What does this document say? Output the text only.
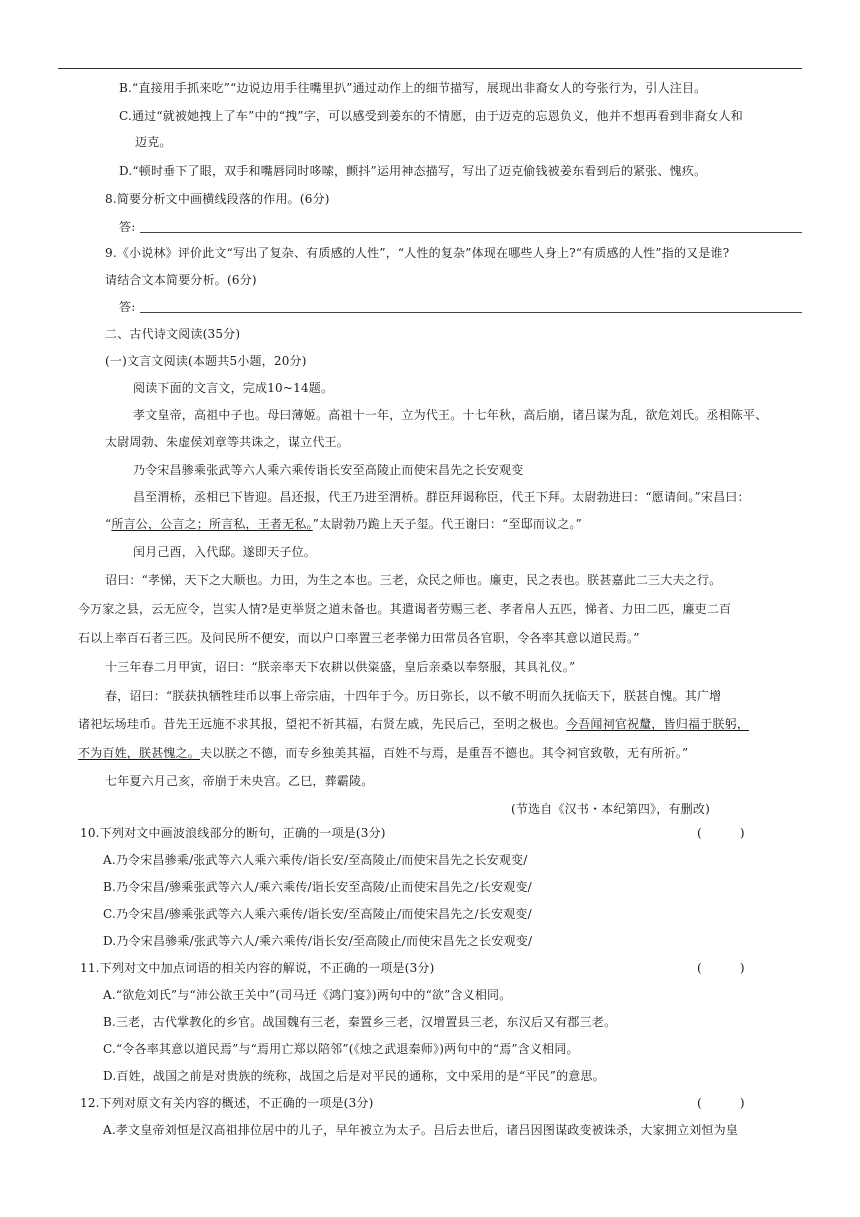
B.“直接用手抓来吃”“边说边用手往嘴里扒”通过动作上的细节描写，展现出非裔女人的夸张行为，引人注目。
C.通过“就被她拽上了车”中的“拽”字，可以感受到姜东的不情愿，由于迈克的忘恩负义，他并不想再看到非裔女人和
迈克。
D.“顿时垂下了眼，双手和嘴唇同时哆嗦，颤抖”运用神态描写，写出了迈克偷钱被姜东看到后的紧张、愧疚。
8.简要分析文中画横线段落的作用。(6分)
答:
9.《小说林》评价此文“写出了复杂、有质感的人性”，“人性的复杂”体现在哪些人身上?“有质感的人性”指的又是谁?
请结合文本简要分析。(6分)
答:
二、古代诗文阅读(35分)
(一)文言文阅读(本题共5小题，20分)
阅读下面的文言文，完成10~14题。
孝文皇帝，高祖中子也。母曰薄姬。高祖十一年，立为代王。十七年秋，高后崩，诸吕谋为乱，欲危刘氏。丞相陈平、
太尉周勃、朱虚侯刘章等共诛之，谋立代王。
乃令宋昌骖乘张武等六人乘六乘传诣长安至高陵止而使宋昌先之长安观变
昌至渭桥，丞相已下皆迎。昌还报，代王乃进至渭桥。群臣拜谒称臣，代王下拜。太尉勃进曰：“愿请间。”宋昌曰：
“所言公，公言之；所言私，王者无私。”太尉勃乃跪上天子玺。代王谢曰：“至邸而议之。”
闰月己酉，入代邸。遂即天子位。
诏曰：“孝悌，天下之大顺也。力田，为生之本也。三老，众民之师也。廉吏，民之表也。朕甚嘉此二三大夫之行。
今万家之县，云无应令，岂实人情?是吏举贤之道未备也。其遣谒者劳赐三老、孝者帛人五匹，悌者、力田二匹，廉吏二百
石以上率百石者三匹。及问民所不便安，而以户口率置三老孝悌力田常员各官职，令各率其意以道民焉。”
十三年春二月甲寅，诏曰：“朕亲率天下农耕以供粢盛，皇后亲桑以奉祭服，其具礼仪。”
春，诏曰：“朕获执牺牲珪币以事上帝宗庙，十四年于今。历日弥长，以不敏不明而久抚临天下，朕甚自愧。其广增
诸祀坛场珪币。昔先王远施不求其报，望祀不祈其福，右贤左戚，先民后己，至明之极也。今吾闻祠官祝釐，皆归福于朕躬，
不为百姓，朕甚愧之。夫以朕之不德，而专乡独美其福，百姓不与焉，是重吾不德也。其令祠官致敬，无有所祈。”
七年夏六月己亥，帝崩于未央宫。乙巳，葬霸陵。
(节选自《汉书・本纪第四》，有删改)
10.下列对文中画波浪线部分的断句，正确的一项是(3分)	(          )
A.乃令宋昌骖乘/张武等六人乘六乘传/诣长安/至高陵止/而使宋昌先之长安观变/
B.乃令宋昌/骖乘张武等六人/乘六乘传/诣长安至高陵/止而使宋昌先之/长安观变/
C.乃令宋昌/骖乘张武等六人乘六乘传/诣长安/至高陵止/而使宋昌先之/长安观变/
D.乃令宋昌骖乘/张武等六人/乘六乘传/诣长安/至高陵止/而使宋昌先之长安观变/
11.下列对文中加点词语的相关内容的解说，不正确的一项是(3分)	(          )
A.“欲危刘氏”与“沛公欲王关中”(司马迁《鸿门宴》)两句中的“欲”含义相同。
B.三老，古代掌教化的乡官。战国魏有三老，秦置乡三老，汉增置县三老，东汉后又有郡三老。
C.“令各率其意以道民焉”与“焉用亡郑以陪邻”(《烛之武退秦师》)两句中的“焉”含义相同。
D.百姓，战国之前是对贵族的统称，战国之后是对平民的通称，文中采用的是“平民”的意思。
12.下列对原文有关内容的概述，不正确的一项是(3分)	(          )
A.孝文皇帝刘恒是汉高祖排位居中的儿子，早年被立为太子。吕后去世后，诸吕因图谋政变被诛杀，大家拥立刘恒为皇
